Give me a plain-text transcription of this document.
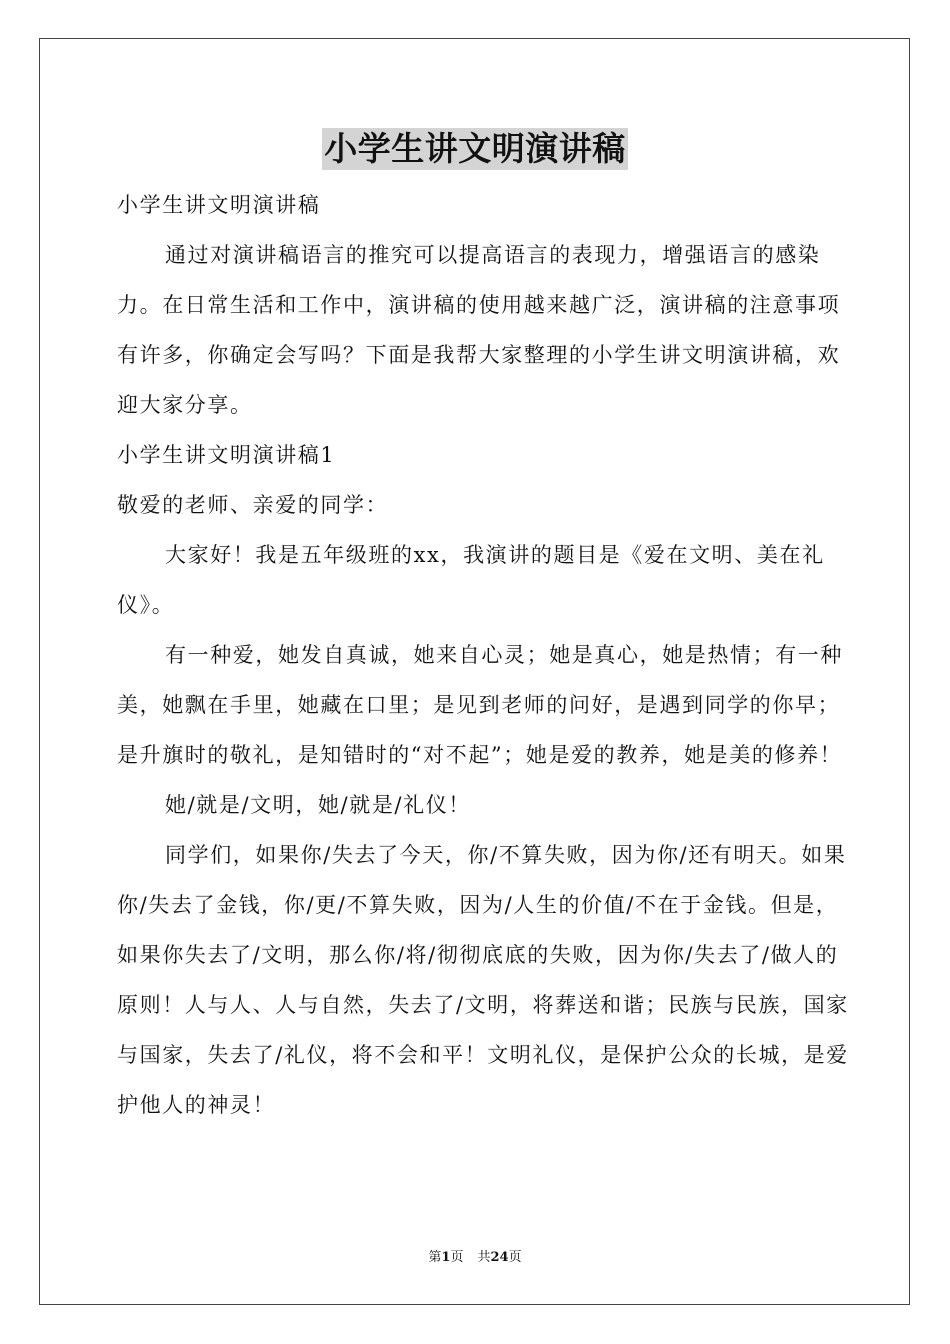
小学生讲文明演讲稿

小学生讲文明演讲稿

通过对演讲稿语言的推究可以提高语言的表现力，增强语言的感染力。在日常生活和工作中，演讲稿的使用越来越广泛，演讲稿的注意事项有许多，你确定会写吗？下面是我帮大家整理的小学生讲文明演讲稿，欢迎大家分享。

小学生讲文明演讲稿1

敬爱的老师、亲爱的同学：

大家好！我是五年级班的xx，我演讲的题目是《爱在文明、美在礼仪》。

有一种爱，她发自真诚，她来自心灵；她是真心，她是热情；有一种美，她飘在手里，她藏在口里；是见到老师的问好，是遇到同学的你早；是升旗时的敬礼，是知错时的“对不起”；她是爱的教养，她是美的修养！

她/就是/文明，她/就是/礼仪！

同学们，如果你/失去了今天，你/不算失败，因为你/还有明天。如果你/失去了金钱，你/更/不算失败，因为/人生的价值/不在于金钱。但是，如果你失去了/文明，那么你/将/彻彻底底的失败，因为你/失去了/做人的原则！人与人、人与自然，失去了/文明，将葬送和谐；民族与民族，国家与国家，失去了/礼仪，将不会和平！文明礼仪，是保护公众的长城，是爱护他人的神灵！

第1页 共24页
